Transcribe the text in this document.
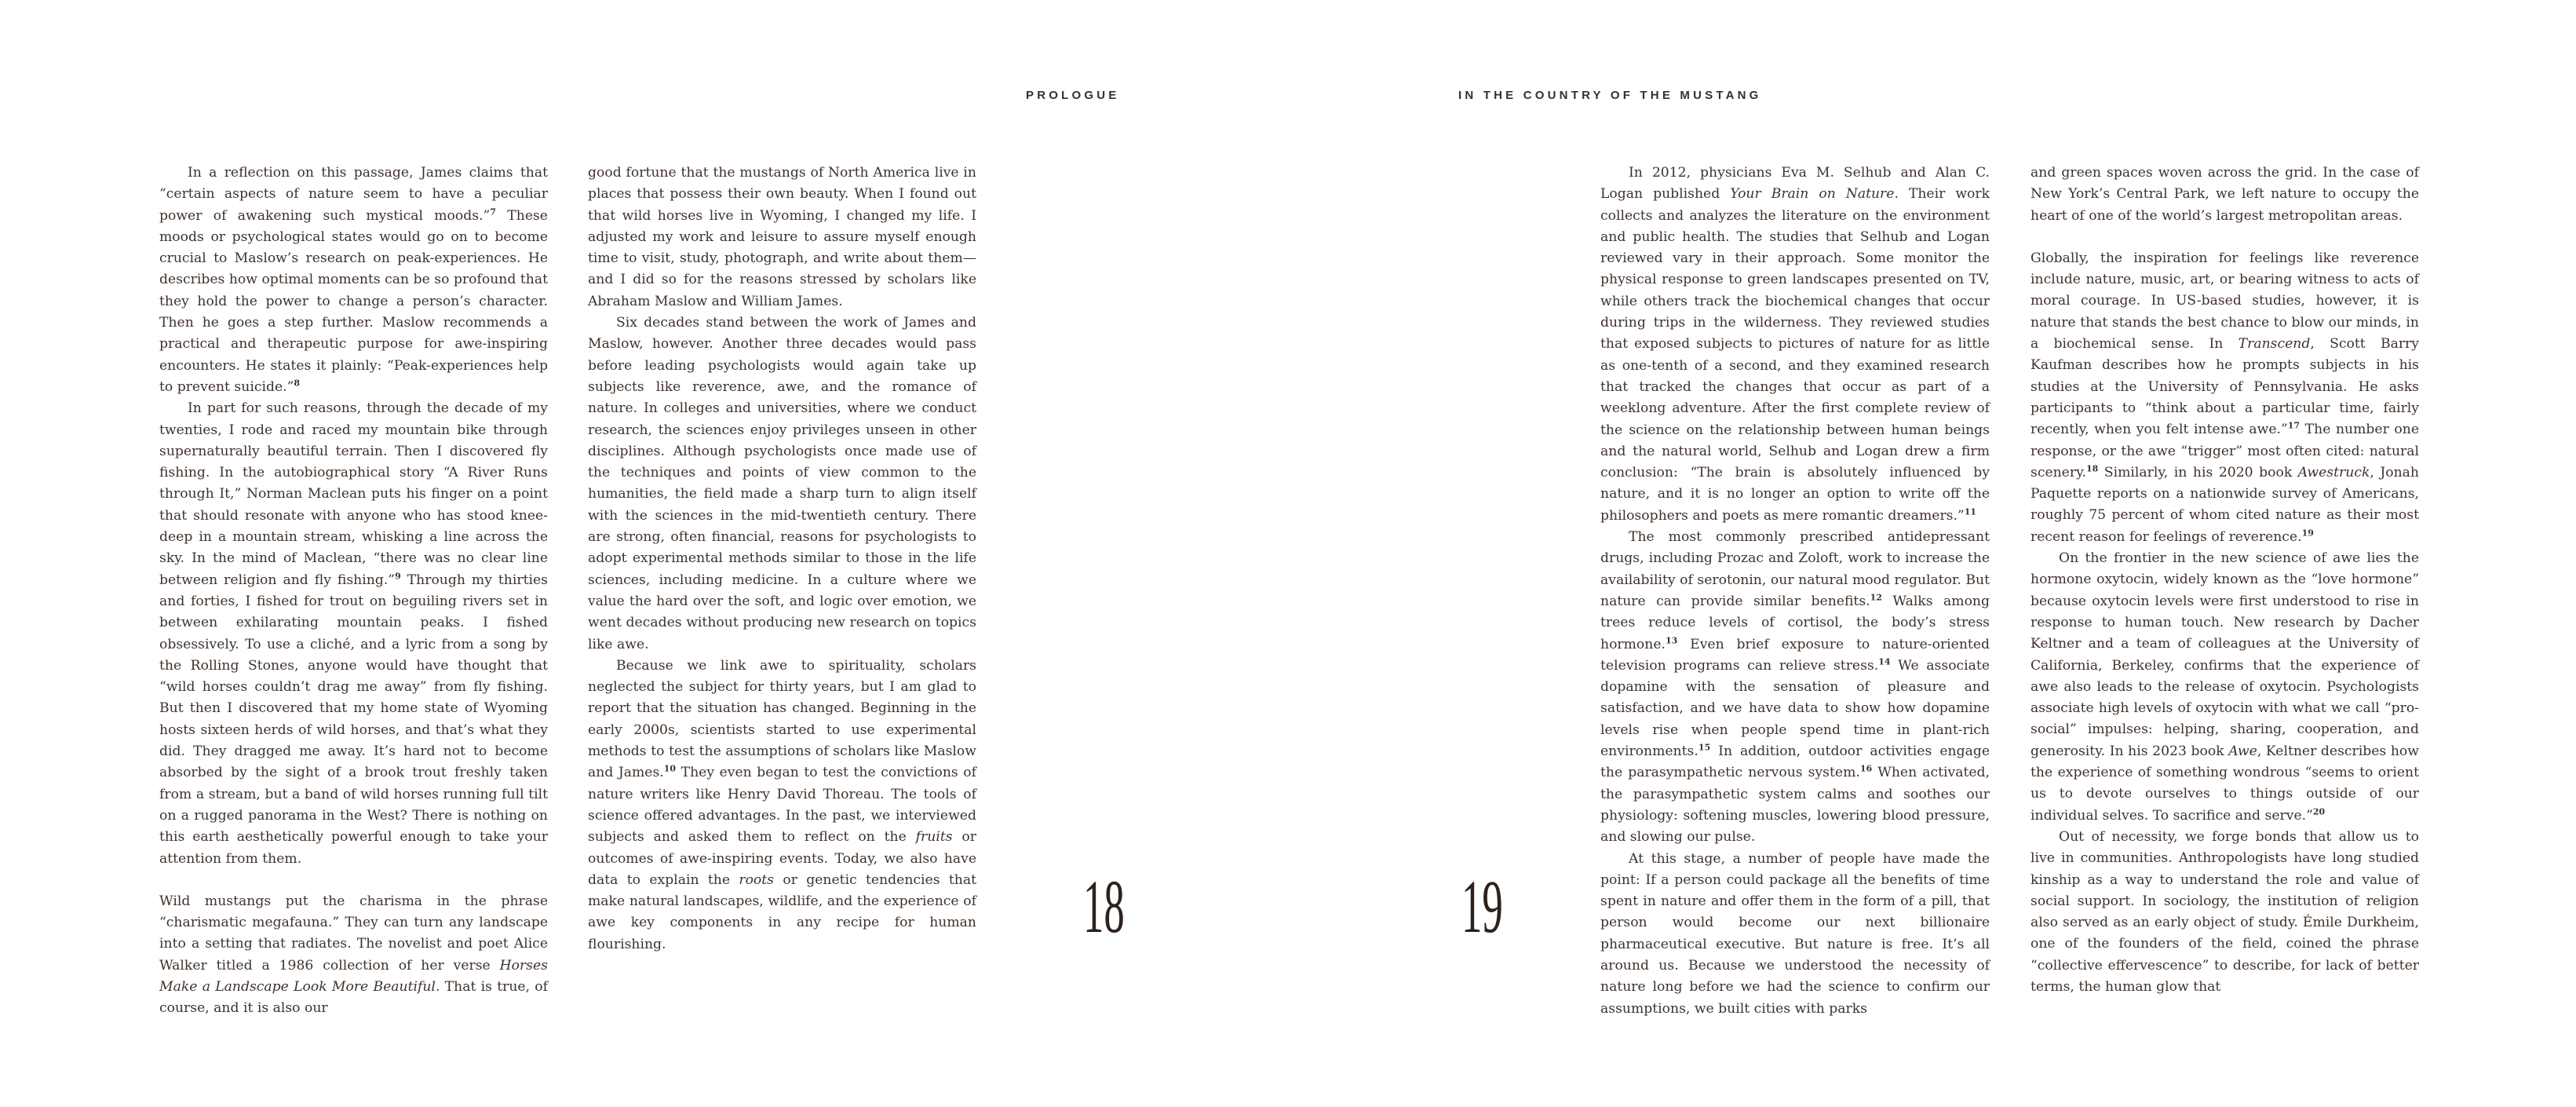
PROLOGUE	IN THE COUNTRY OF THE MUSTANG

In a reflection on this passage, James claims that “certain aspects of nature seem to have a peculiar power of awakening such mystical moods.”$^7$ These moods or psychological states would go on to become crucial to Maslow’s research on peak-experiences. He describes how optimal moments can be so profound that they hold the power to change a person’s character. Then he goes a step further. Maslow recommends a practical and therapeutic purpose for awe-inspiring encounters. He states it plainly: “Peak-experiences help to prevent suicide.”$^8$

In part for such reasons, through the decade of my twenties, I rode and raced my mountain bike through supernaturally beautiful terrain. Then I discovered fly fishing. In the autobiographical story “A River Runs through It,” Norman Maclean puts his finger on a point that should resonate with anyone who has stood knee-deep in a mountain stream, whisking a line across the sky. In the mind of Maclean, “there was no clear line between religion and fly fishing.”$^9$ Through my thirties and forties, I fished for trout on beguiling rivers set in between exhilarating mountain peaks. I fished obsessively. To use a cliché, and a lyric from a song by the Rolling Stones, anyone would have thought that “wild horses couldn’t drag me away” from fly fishing. But then I discovered that my home state of Wyoming hosts sixteen herds of wild horses, and that’s what they did. They dragged me away. It’s hard not to become absorbed by the sight of a brook trout freshly taken from a stream, but a band of wild horses running full tilt on a rugged panorama in the West? There is nothing on this earth aesthetically powerful enough to take your attention from them.

Wild mustangs put the charisma in the phrase “charismatic megafauna.” They can turn any landscape into a setting that radiates. The novelist and poet Alice Walker titled a 1986 collection of her verse Horses Make a Landscape Look More Beautiful. That is true, of course, and it is also our

good fortune that the mustangs of North America live in places that possess their own beauty. When I found out that wild horses live in Wyoming, I changed my life. I adjusted my work and leisure to assure myself enough time to visit, study, photograph, and write about them—and I did so for the reasons stressed by scholars like Abraham Maslow and William James.

Six decades stand between the work of James and Maslow, however. Another three decades would pass before leading psychologists would again take up subjects like reverence, awe, and the romance of nature. In colleges and universities, where we conduct research, the sciences enjoy privileges unseen in other disciplines. Although psychologists once made use of the techniques and points of view common to the humanities, the field made a sharp turn to align itself with the sciences in the mid-twentieth century. There are strong, often financial, reasons for psychologists to adopt experimental methods similar to those in the life sciences, including medicine. In a culture where we value the hard over the soft, and logic over emotion, we went decades without producing new research on topics like awe.

Because we link awe to spirituality, scholars neglected the subject for thirty years, but I am glad to report that the situation has changed. Beginning in the early 2000s, scientists started to use experimental methods to test the assumptions of scholars like Maslow and James.$^{10}$ They even began to test the convictions of nature writers like Henry David Thoreau. The tools of science offered advantages. In the past, we interviewed subjects and asked them to reflect on the fruits or outcomes of awe-inspiring events. Today, we also have data to explain the roots or genetic tendencies that make natural landscapes, wildlife, and the experience of awe key components in any recipe for human flourishing.

In 2012, physicians Eva M. Selhub and Alan C. Logan published Your Brain on Nature. Their work collects and analyzes the literature on the environment and public health. The studies that Selhub and Logan reviewed vary in their approach. Some monitor the physical response to green landscapes presented on TV, while others track the biochemical changes that occur during trips in the wilderness. They reviewed studies that exposed subjects to pictures of nature for as little as one-tenth of a second, and they examined research that tracked the changes that occur as part of a weeklong adventure. After the first complete review of the science on the relationship between human beings and the natural world, Selhub and Logan drew a firm conclusion: “The brain is absolutely influenced by nature, and it is no longer an option to write off the philosophers and poets as mere romantic dreamers.”$^{11}$

The most commonly prescribed antidepressant drugs, including Prozac and Zoloft, work to increase the availability of serotonin, our natural mood regulator. But nature can provide similar benefits.$^{12}$ Walks among trees reduce levels of cortisol, the body’s stress hormone.$^{13}$ Even brief exposure to nature-oriented television programs can relieve stress.$^{14}$ We associate dopamine with the sensation of pleasure and satisfaction, and we have data to show how dopamine levels rise when people spend time in plant-rich environments.$^{15}$ In addition, outdoor activities engage the parasympathetic nervous system.$^{16}$ When activated, the parasympathetic system calms and soothes our physiology: softening muscles, lowering blood pressure, and slowing our pulse.

At this stage, a number of people have made the point: If a person could package all the benefits of time spent in nature and offer them in the form of a pill, that person would become our next billionaire pharmaceutical executive. But nature is free. It’s all around us. Because we understood the necessity of nature long before we had the science to confirm our assumptions, we built cities with parks

and green spaces woven across the grid. In the case of New York’s Central Park, we left nature to occupy the heart of one of the world’s largest metropolitan areas.

Globally, the inspiration for feelings like reverence include nature, music, art, or bearing witness to acts of moral courage. In US-based studies, however, it is nature that stands the best chance to blow our minds, in a biochemical sense. In Transcend, Scott Barry Kaufman describes how he prompts subjects in his studies at the University of Pennsylvania. He asks participants to “think about a particular time, fairly recently, when you felt intense awe.”$^{17}$ The number one response, or the awe “trigger” most often cited: natural scenery.$^{18}$ Similarly, in his 2020 book Awestruck, Jonah Paquette reports on a nationwide survey of Americans, roughly 75 percent of whom cited nature as their most recent reason for feelings of reverence.$^{19}$

On the frontier in the new science of awe lies the hormone oxytocin, widely known as the “love hormone” because oxytocin levels were first understood to rise in response to human touch. New research by Dacher Keltner and a team of colleagues at the University of California, Berkeley, confirms that the experience of awe also leads to the release of oxytocin. Psychologists associate high levels of oxytocin with what we call “pro-social” impulses: helping, sharing, cooperation, and generosity. In his 2023 book Awe, Keltner describes how the experience of something wondrous “seems to orient us to devote ourselves to things outside of our individual selves. To sacrifice and serve.”$^{20}$

Out of necessity, we forge bonds that allow us to live in communities. Anthropologists have long studied kinship as a way to understand the role and value of social support. In sociology, the institution of religion also served as an early object of study. Émile Durkheim, one of the founders of the field, coined the phrase “collective effervescence” to describe, for lack of better terms, the human glow that

18	19
